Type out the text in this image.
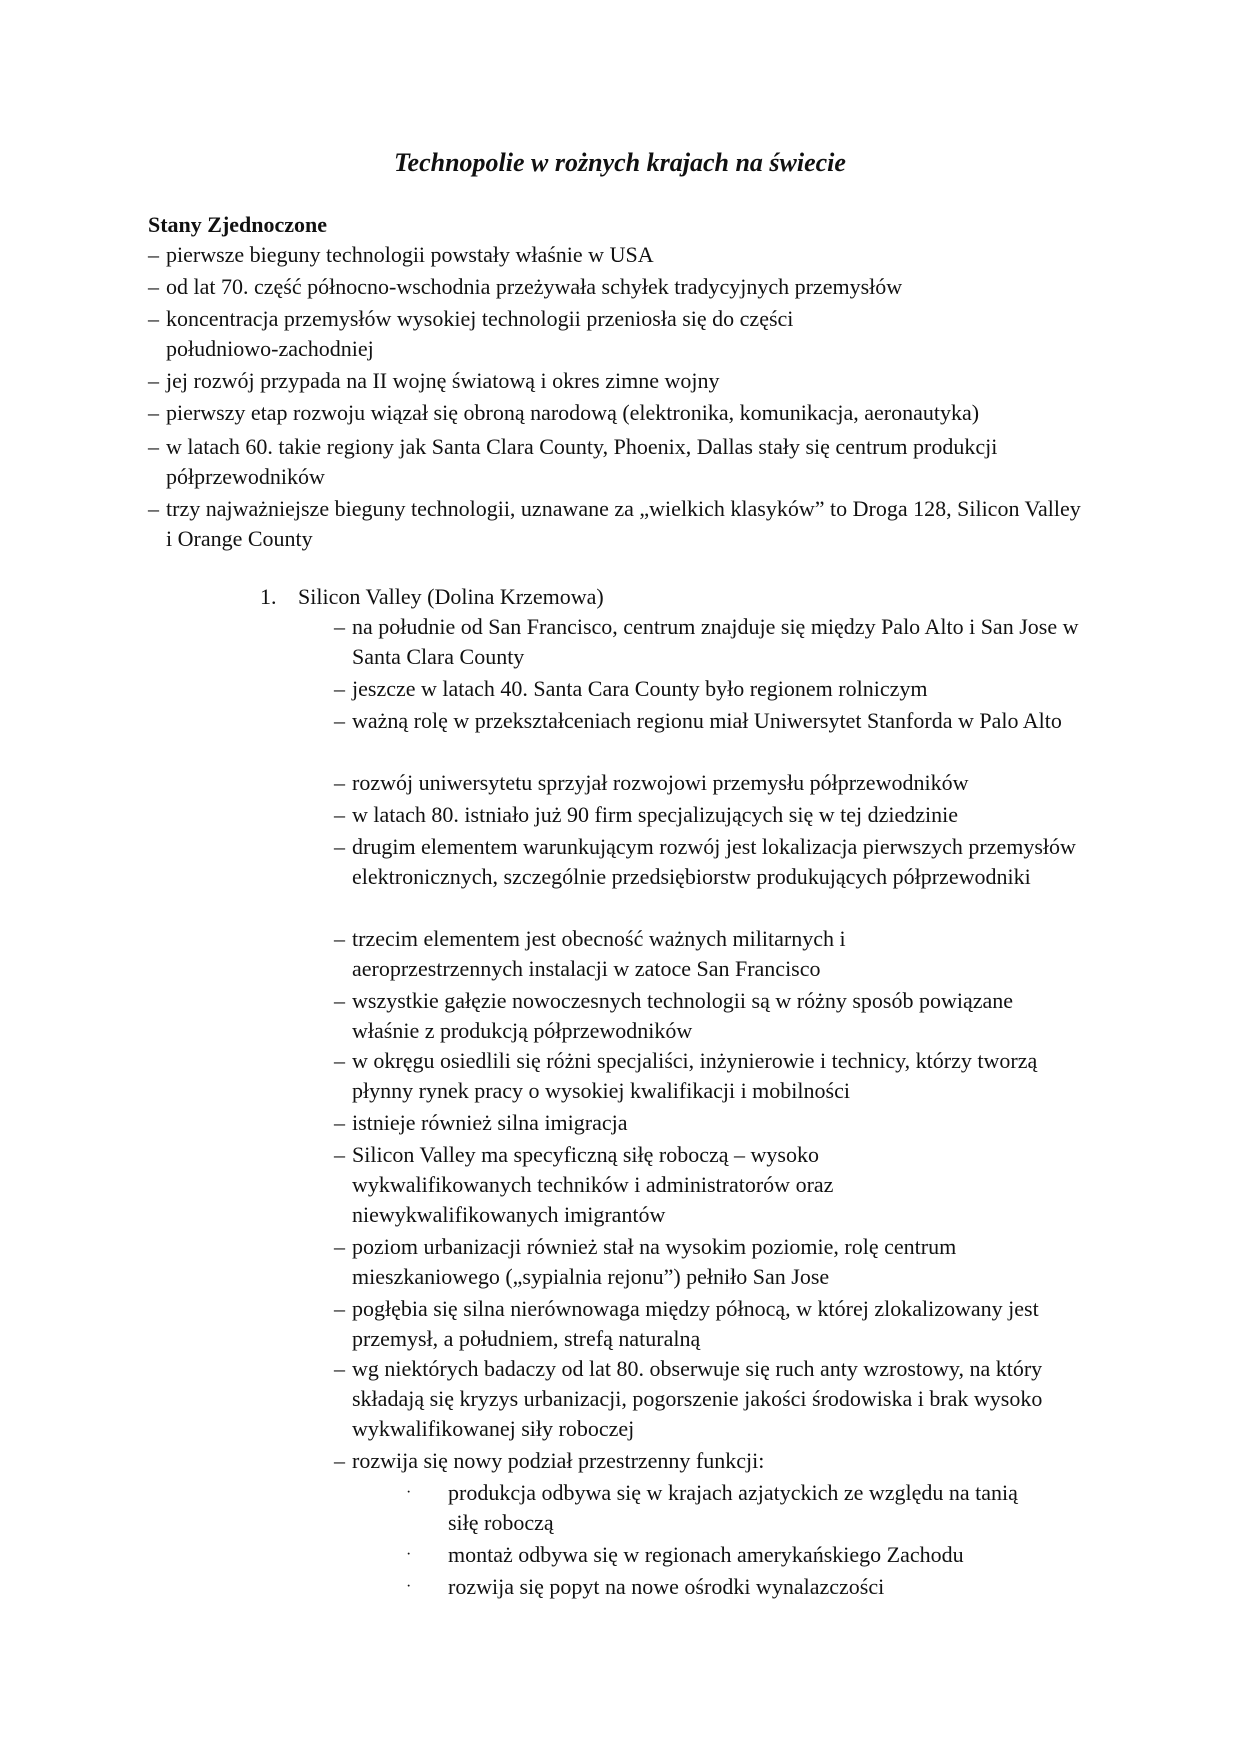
Technopolie w rożnych krajach na świecie
Stany Zjednoczone
– pierwsze bieguny technologii powstały właśnie w USA
– od lat 70. część północno-wschodnia przeżywała schyłek tradycyjnych przemysłów
– koncentracja przemysłów wysokiej technologii przeniosła się do części południowo-zachodniej
– jej rozwój przypada na II wojnę światową i okres zimne wojny
– pierwszy etap rozwoju wiązał się obroną narodową (elektronika, komunikacja, aeronautyka)
– w latach 60. takie regiony jak Santa Clara County, Phoenix, Dallas stały się centrum produkcji półprzewodników
– trzy najważniejsze bieguny technologii, uznawane za „wielkich klasyków” to Droga 128, Silicon Valley i Orange County
1. Silicon Valley (Dolina Krzemowa)
– na południe od San Francisco, centrum znajduje się między Palo Alto i San Jose w Santa Clara County
– jeszcze w latach 40. Santa Cara County było regionem rolniczym
– ważną rolę w przekształceniach regionu miał Uniwersytet Stanforda w Palo Alto
– rozwój uniwersytetu sprzyjał rozwojowi przemysłu półprzewodników
– w latach 80. istniało już 90 firm specjalizujących się w tej dziedzinie
– drugim elementem warunkującym rozwój jest lokalizacja pierwszych przemysłów elektronicznych, szczególnie przedsiębiorstw produkujących półprzewodniki
– trzecim elementem jest obecność ważnych militarnych i aeroprzestrzennych instalacji w zatoce San Francisco
– wszystkie gałęzie nowoczesnych technologii są w różny sposób powiązane właśnie z produkcją półprzewodników
– w okręgu osiedlili się różni specjaliści, inżynierowie i technicy, którzy tworzą płynny rynek pracy o wysokiej kwalifikacji i mobilności
– istnieje również silna imigracja
– Silicon Valley ma specyficzną siłę roboczą – wysoko wykwalifikowanych techników i administratorów oraz niewykwalifikowanych imigrantów
– poziom urbanizacji również stał na wysokim poziomie, rolę centrum mieszkaniowego („sypialnia rejonu”) pełniło San Jose
– pogłębia się silna nierównowaga między północą, w której zlokalizowany jest przemysł, a południem, strefą naturalną
– wg niektórych badaczy od lat 80. obserwuje się ruch anty wzrostowy, na który składają się kryzys urbanizacji, pogorszenie jakości środowiska i brak wysoko wykwalifikowanej siły roboczej
– rozwija się nowy podział przestrzenny funkcji:
·	produkcja odbywa się w krajach azjatyckich ze względu na tanią siłę roboczą
·	montaż odbywa się w regionach amerykańskiego Zachodu
·	rozwija się popyt na nowe ośrodki wynalazczości
